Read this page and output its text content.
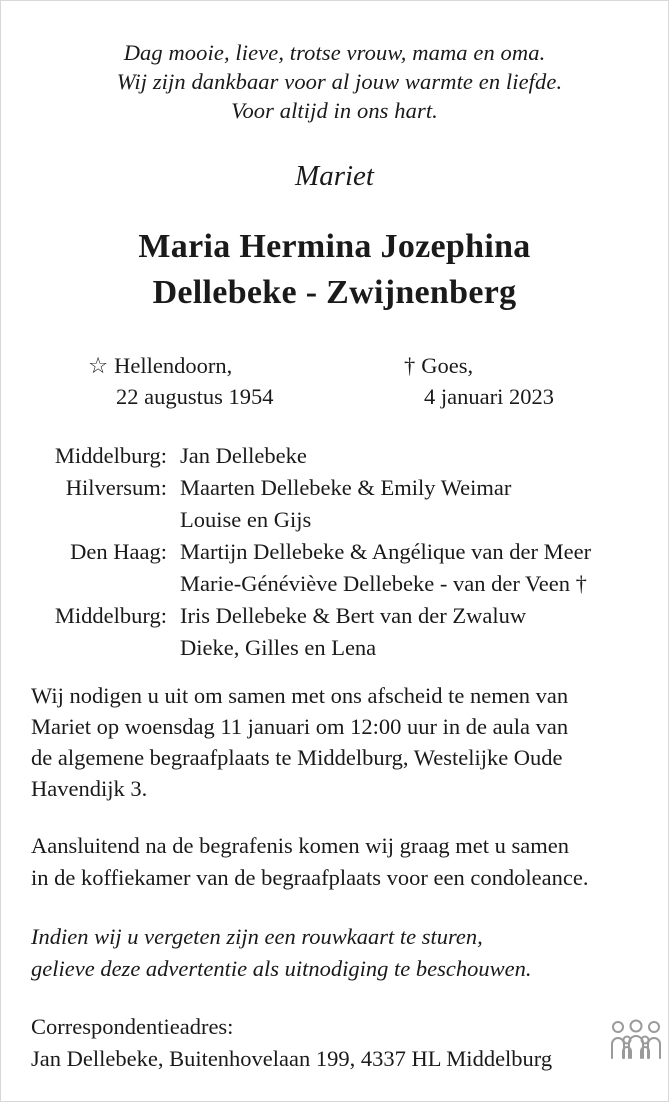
Dag mooie, lieve, trotse vrouw, mama en oma.
Wij zijn dankbaar voor al jouw warmte en liefde.
Voor altijd in ons hart.
Mariet
Maria Hermina Jozephina
Dellebeke - Zwijnenberg
☆ Hellendoorn,
22 augustus 1954
† Goes,
4 januari 2023
Middelburg: Jan Dellebeke
Hilversum: Maarten Dellebeke & Emily Weimar
Louise en Gijs
Den Haag: Martijn Dellebeke & Angélique van der Meer
Marie-Généviève Dellebeke - van der Veen †
Middelburg: Iris Dellebeke & Bert van der Zwaluw
Dieke, Gilles en Lena
Wij nodigen u uit om samen met ons afscheid te nemen van
Mariet op woensdag 11 januari om 12:00 uur in de aula van
de algemene begraafplaats te Middelburg, Westelijke Oude
Havendijk 3.
Aansluitend na de begrafenis komen wij graag met u samen
in de koffiekamer van de begraafplaats voor een condoleance.
Indien wij u vergeten zijn een rouwkaart te sturen,
gelieve deze advertentie als uitnodiging te beschouwen.
Correspondentieadres:
Jan Dellebeke, Buitenhovelaan 199, 4337 HL Middelburg
